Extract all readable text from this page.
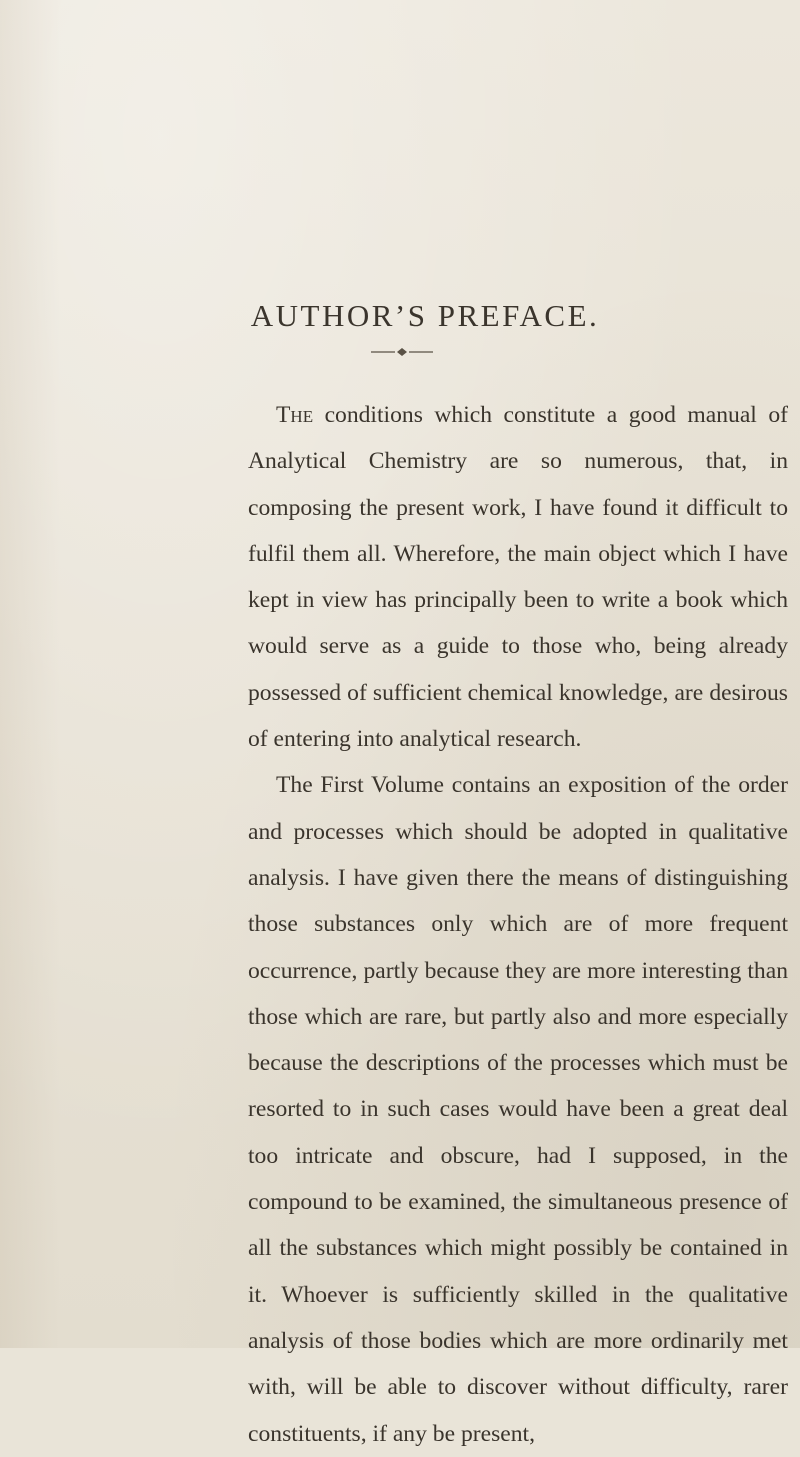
AUTHOR’S PREFACE.

The conditions which constitute a good manual of Analytical Chemistry are so numerous, that, in composing the present work, I have found it difficult to fulfil them all. Wherefore, the main object which I have kept in view has principally been to write a book which would serve as a guide to those who, being already possessed of sufficient chemical knowledge, are desirous of entering into analytical research.

The First Volume contains an exposition of the order and processes which should be adopted in qualitative analysis. I have given there the means of distinguishing those substances only which are of more frequent occurrence, partly because they are more interesting than those which are rare, but partly also and more especially because the descriptions of the processes which must be resorted to in such cases would have been a great deal too intricate and obscure, had I supposed, in the compound to be examined, the simultaneous presence of all the substances which might possibly be contained in it. Whoever is sufficiently skilled in the qualitative analysis of those bodies which are more ordinarily met with, will be able to discover without difficulty, rarer constituents, if any be present,
